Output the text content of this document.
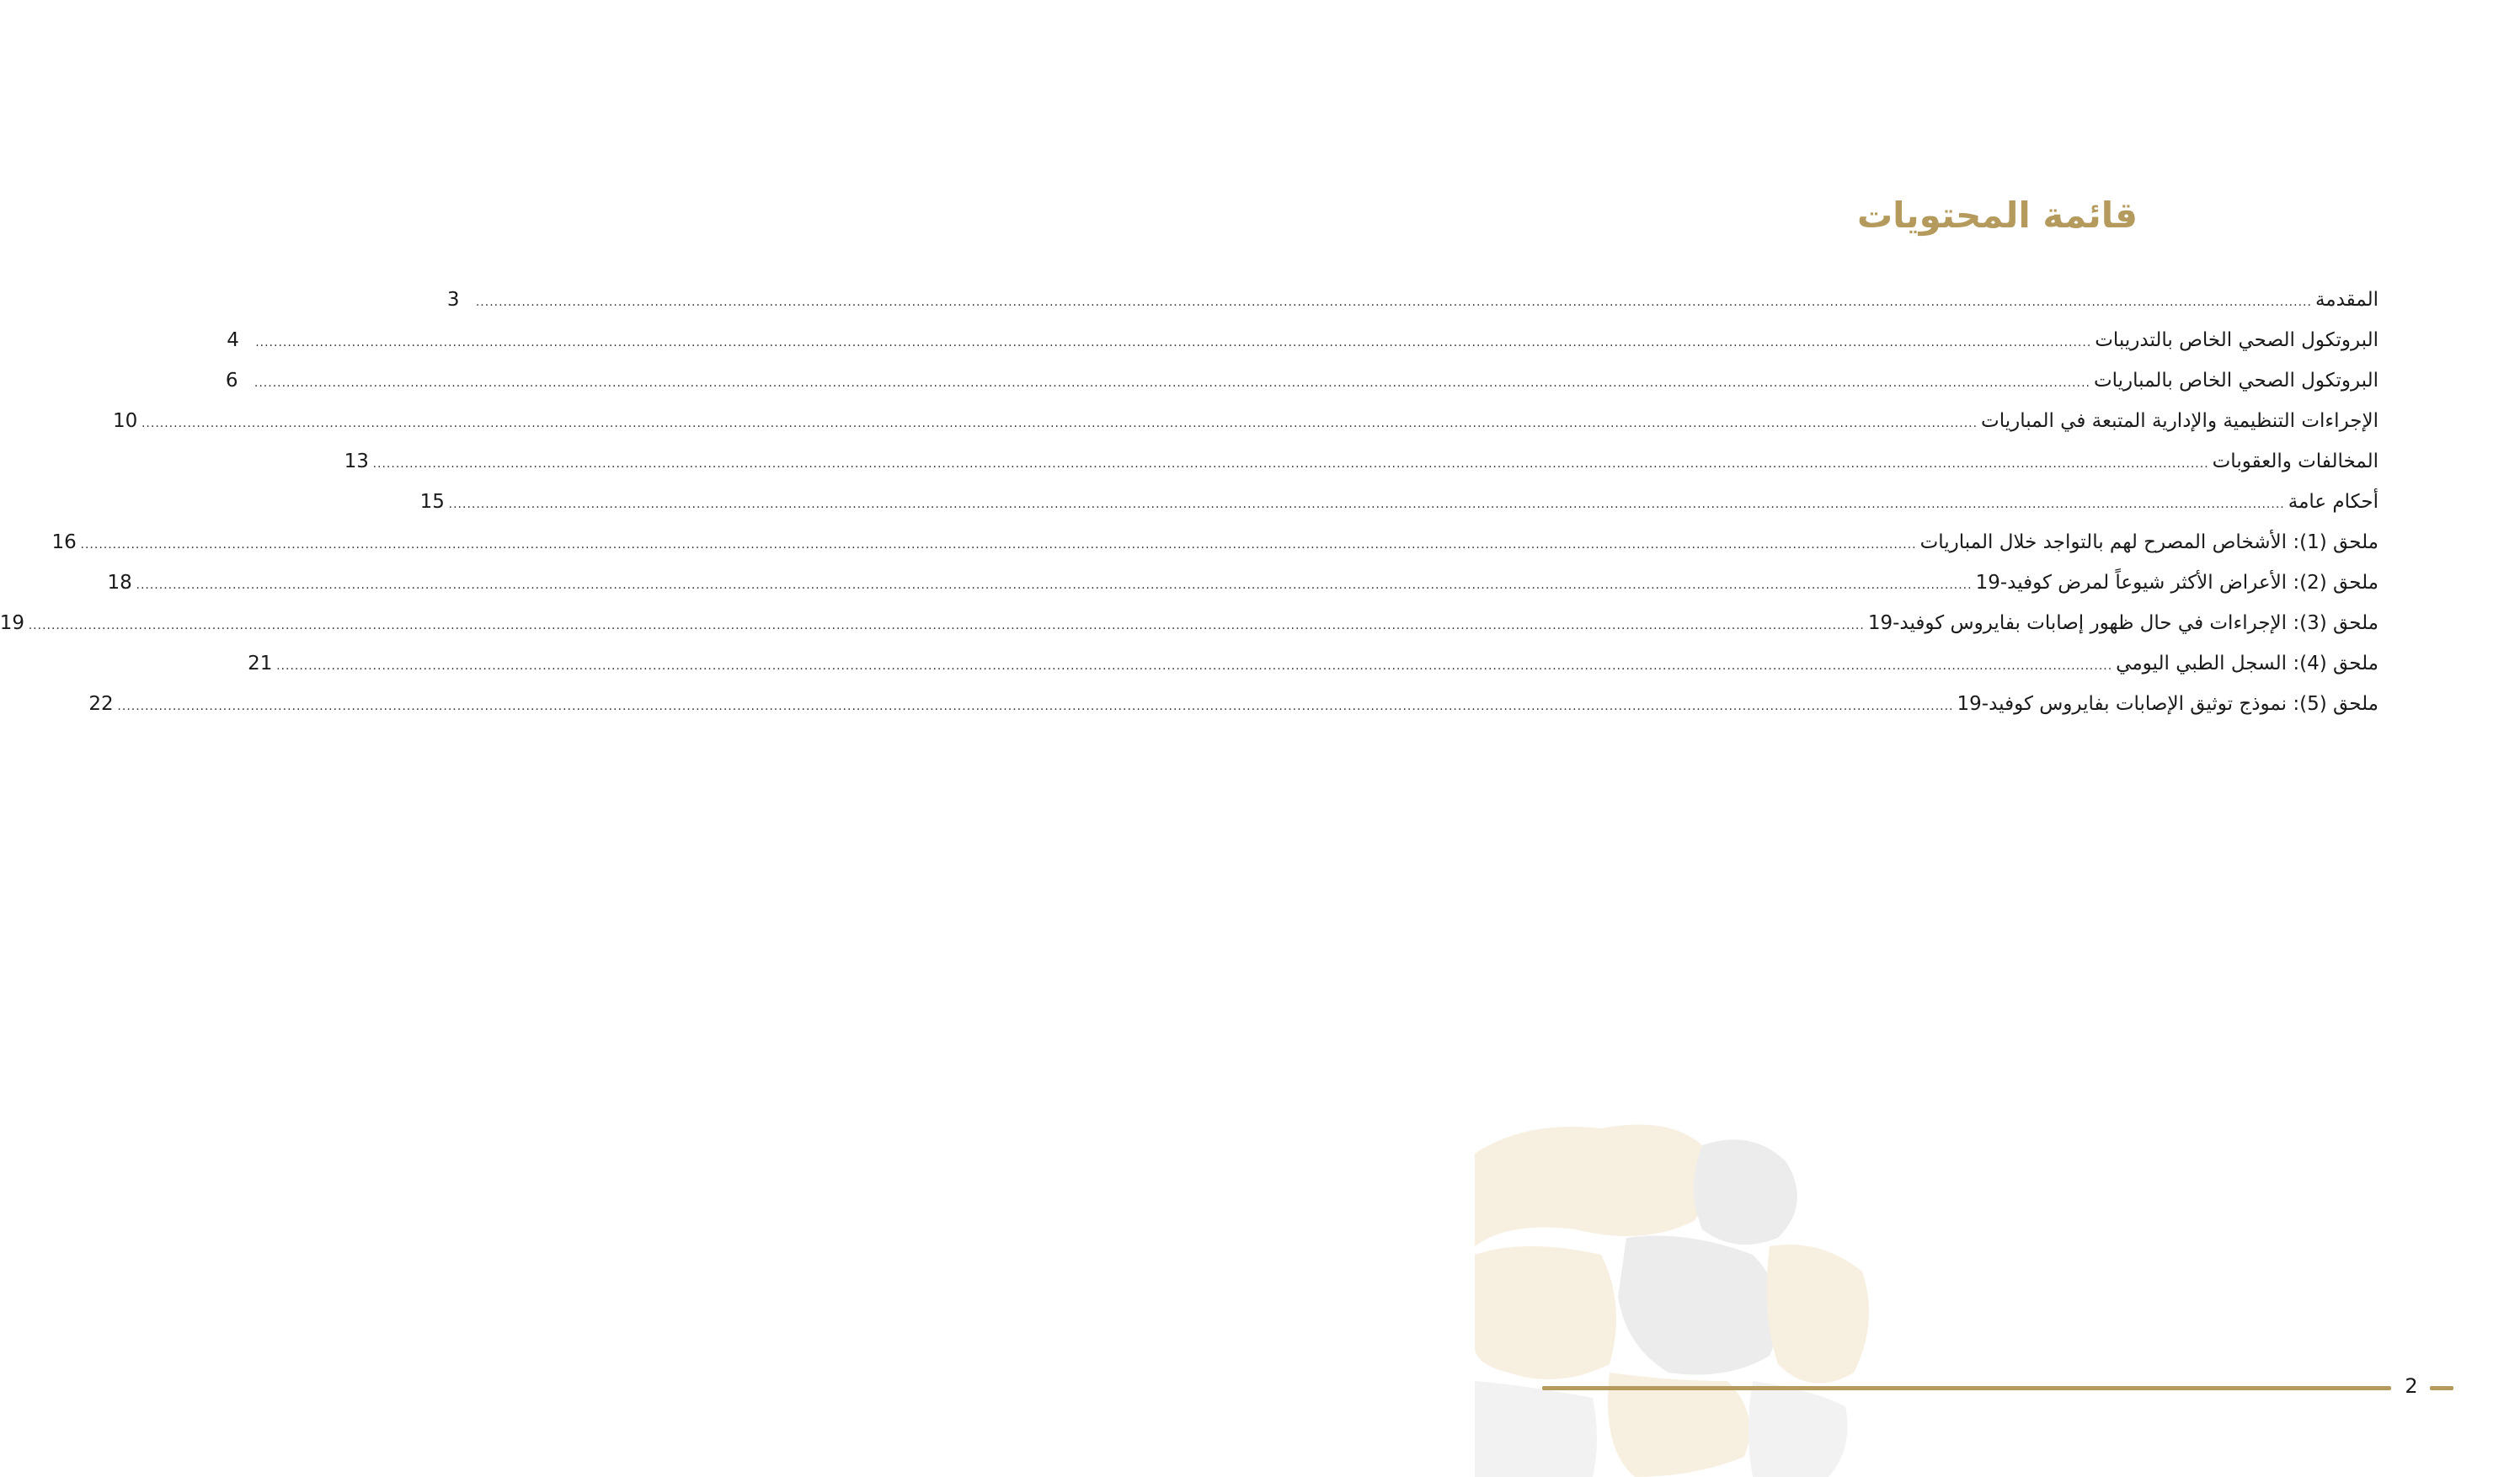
قائمة المحتويات
المقدمة
................................................................................................................................................................................................................................................................................................................................................................................................................
3
البروتكول الصحي الخاص بالتدريبات
................................................................................................................................................................................................................................................................................................................................................................................................................
4
البروتكول الصحي الخاص بالمباريات
................................................................................................................................................................................................................................................................................................................................................................................................................
6
الإجراءات التنظيمية والإدارية المتبعة في المباريات
................................................................................................................................................................................................................................................................................................................................................................................................................
10
المخالفات والعقوبات
................................................................................................................................................................................................................................................................................................................................................................................................................
13
أحكام عامة
................................................................................................................................................................................................................................................................................................................................................................................................................
15
ملحق (1): الأشخاص المصرح لهم بالتواجد خلال المباريات
................................................................................................................................................................................................................................................................................................................................................................................................................
16
ملحق (2): الأعراض الأكثر شيوعاً لمرض كوفيد-19
................................................................................................................................................................................................................................................................................................................................................................................................................
18
ملحق (3): الإجراءات في حال ظهور إصابات بفايروس كوفيد-19
................................................................................................................................................................................................................................................................................................................................................................................................................
19
ملحق (4): السجل الطبي اليومي
................................................................................................................................................................................................................................................................................................................................................................................................................
21
ملحق (5): نموذج توثيق الإصابات بفايروس كوفيد-19
................................................................................................................................................................................................................................................................................................................................................................................................................
22
2
